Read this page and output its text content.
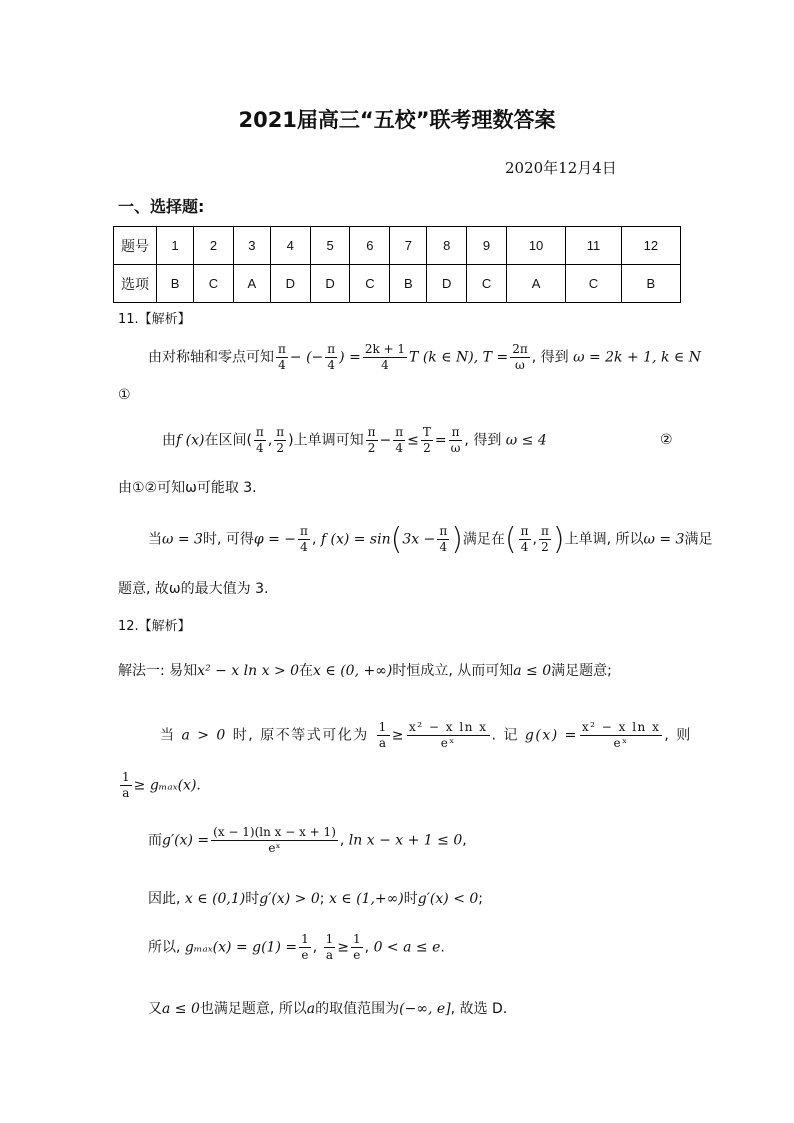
2021届高三“五校”联考理数答案
2020年12月4日
一、选择题:
题号	1	2	3	4	5	6	7	8	9	10	11	12
选项	B	C	A	D	D	C	B	D	C	A	C	B
11.【解析】
由对称轴和零点可知 $\frac{\pi}{4}$ − (− $\frac{\pi}{4}$ ) = $\frac{2k + 1}{4}$ T (k ∈ N), $T = \frac{2\pi}{\omega}$ , 得到 ω = 2k + 1, k ∈ N
①
由f (x)在区间( $\frac{\pi}{4}$ , $\frac{\pi}{2}$ )上单调可知 $\frac{\pi}{2} - \frac{\pi}{4} \le \frac{T}{2} = \frac{\pi}{\omega}$ , 得到 ω ≤ 4	②
由①②可知ω可能取 3.
当ω = 3时, 可得φ = − $\frac{\pi}{4}$ , f $(x) = \sin(3x - \frac{\pi}{4}$ )满足在( $\frac{\pi}{4}$ , $\frac{\pi}{2}$ )上单调, 所以ω = 3满足
题意, 故ω的最大值为 3.
12.【解析】
解法一: 易知x² − x ln x > 0在x ∈ (0, +∞)时恒成立, 从而可知a ≤ 0满足题意;
当 a > 0 时, 原不等式可化为 $\frac{1}{a} \ge \frac{\text{x² − x ln x}}{\text{eˣ}}$ . 记 $g(x) = \frac{\text{x² − x ln x}}{\text{eˣ}}$ , 则
$\frac{1}{a} \ge g_{max}(x)$.
而$g'(x) = \frac{\text{(x − 1)(ln x − x + 1)}}{\text{eˣ}}$ , ln x − x + 1 ≤ 0,
因此, x ∈ (0,1)时g′(x) > 0; x ∈ (1,+∞)时g′(x) < 0;
所以, $g_{max}(x) = g(1) = \frac{1}{e}$ , $\frac{1}{a} \ge \frac{1}{e}$ , 0 < a ≤ e.
又a ≤ 0也满足题意, 所以a的取值范围为(−∞, e], 故选 D.
